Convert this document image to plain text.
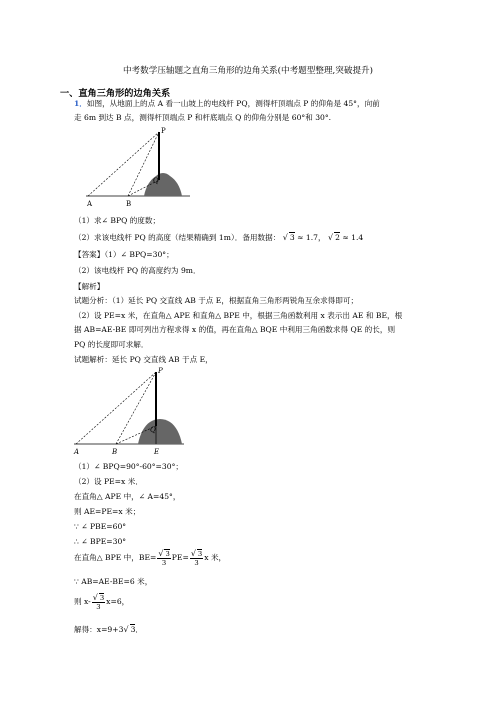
中考数学压轴题之直角三角形的边角关系(中考题型整理,突破提升)
一、直角三角形的边角关系
1．如图，从地面上的点 A 看一山坡上的电线杆 PQ，测得杆顶端点 P 的仰角是 45°，向前
走 6m 到达 B 点，测得杆顶端点 P 和杆底端点 Q 的仰角分别是 60°和 30°.
P
Q
A	B
（1）求∠ BPQ 的度数；
（2）求该电线杆 PQ 的高度（结果精确到 1m）．备用数据： √ 3 ≈ 1.7， √ 2 ≈ 1.4
【答案】（1）∠ BPQ=30°；
（2）该电线杆 PQ 的高度约为 9m．
【解析】
试题分析：（1）延长 PQ 交直线 AB 于点 E，根据直角三角形两锐角互余求得即可；
（2）设 PE=x 米，在直角△ APE 和直角△ BPE 中，根据三角函数利用 x 表示出 AE 和 BE，根
据 AB=AE-BE 即可列出方程求得 x 的值，再在直角△ BQE 中利用三角函数求得 QE 的长，则
PQ 的长度即可求解．
试题解析：延长 PQ 交直线 AB 于点 E，
P
Q
A	B	E
（1）∠ BPQ=90°-60°=30°；
（2）设 PE=x 米．
在直角△ APE 中，∠ A=45°，
则 AE=PE=x 米；
∵ ∠ PBE=60°
∴ ∠ BPE=30°
在直角△ BPE 中，$BE= \frac{√ 3}{3} PE= \frac{√ 3}{3}$ x 米，
∵ AB=AE-BE=6 米，
则 $x- \frac{√ 3}{3} x=6$，
解得：x=9+3√ 3．
